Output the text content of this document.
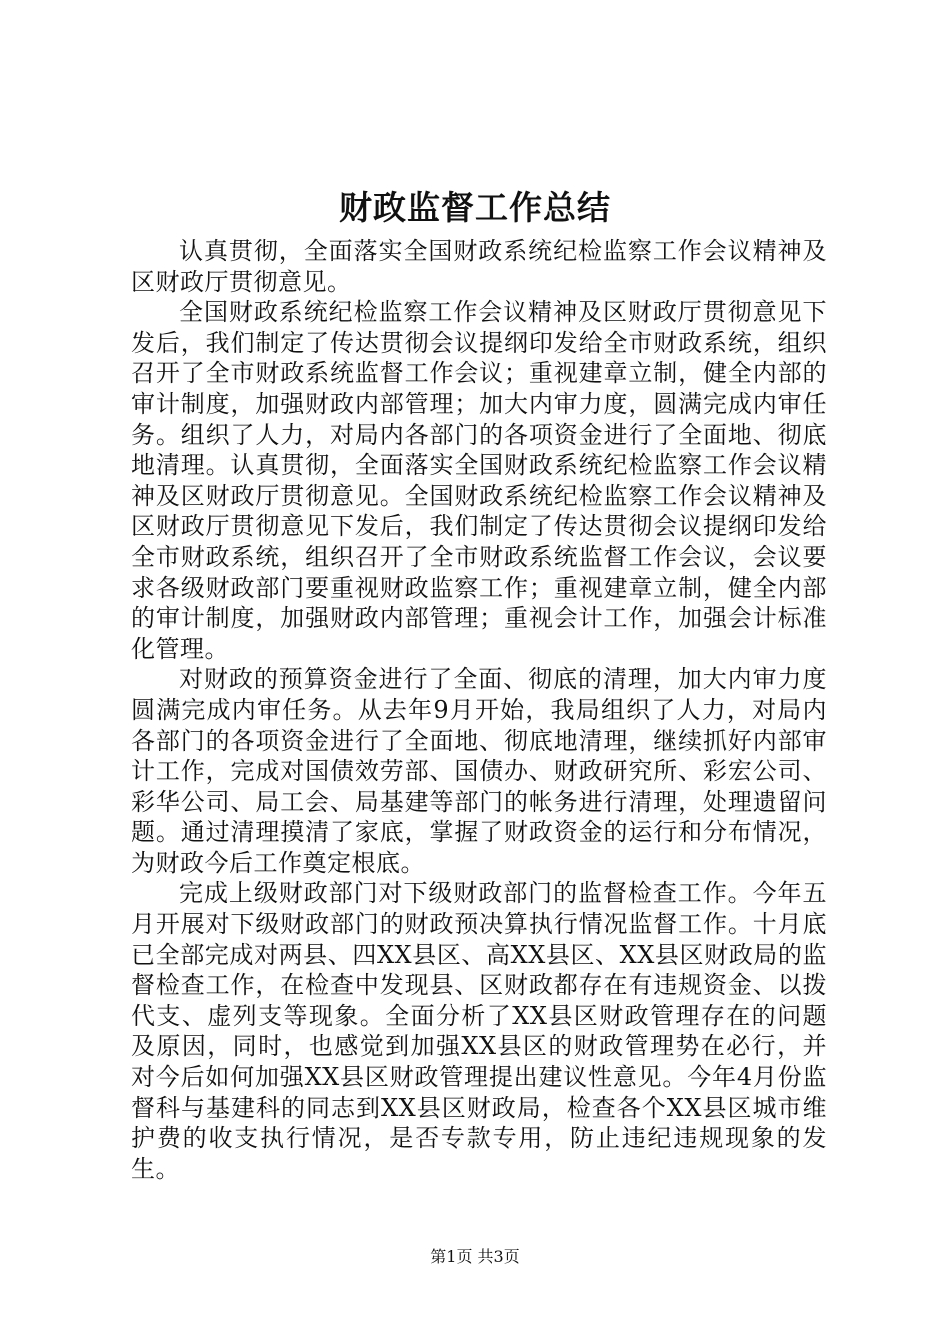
财政监督工作总结

认真贯彻，全面落实全国财政系统纪检监察工作会议精神及区财政厅贯彻意见。

全国财政系统纪检监察工作会议精神及区财政厅贯彻意见下发后，我们制定了传达贯彻会议提纲印发给全市财政系统，组织召开了全市财政系统监督工作会议；重视建章立制，健全内部的审计制度，加强财政内部管理；加大内审力度，圆满完成内审任务。组织了人力，对局内各部门的各项资金进行了全面地、彻底地清理。认真贯彻，全面落实全国财政系统纪检监察工作会议精神及区财政厅贯彻意见。全国财政系统纪检监察工作会议精神及区财政厅贯彻意见下发后，我们制定了传达贯彻会议提纲印发给全市财政系统，组织召开了全市财政系统监督工作会议，会议要求各级财政部门要重视财政监察工作；重视建章立制，健全内部的审计制度，加强财政内部管理；重视会计工作，加强会计标准化管理。

对财政的预算资金进行了全面、彻底的清理，加大内审力度圆满完成内审任务。从去年9月开始，我局组织了人力，对局内各部门的各项资金进行了全面地、彻底地清理，继续抓好内部审计工作，完成对国债效劳部、国债办、财政研究所、彩宏公司、彩华公司、局工会、局基建等部门的帐务进行清理，处理遗留问题。通过清理摸清了家底，掌握了财政资金的运行和分布情况，为财政今后工作奠定根底。

完成上级财政部门对下级财政部门的监督检查工作。今年五月开展对下级财政部门的财政预决算执行情况监督工作。十月底已全部完成对两县、四XX县区、高XX县区、XX县区财政局的监督检查工作，在检查中发现县、区财政都存在有违规资金、以拨代支、虚列支等现象。全面分析了XX县区财政管理存在的问题及原因，同时，也感觉到加强XX县区的财政管理势在必行，并对今后如何加强XX县区财政管理提出建议性意见。今年4月份监督科与基建科的同志到XX县区财政局，检查各个XX县区城市维护费的收支执行情况，是否专款专用，防止违纪违规现象的发生。

第1页 共3页
